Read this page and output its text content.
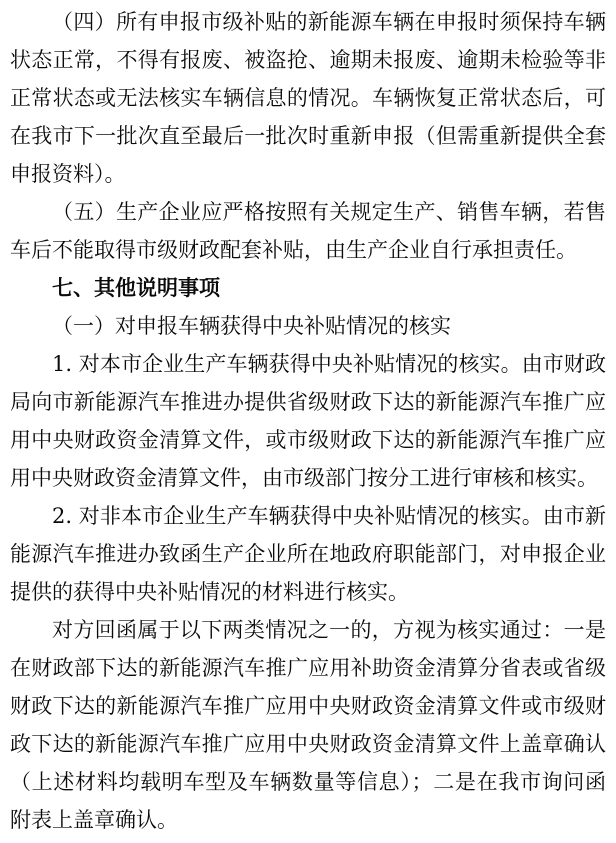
（四）所有申报市级补贴的新能源车辆在申报时须保持车辆状态正常，不得有报废、被盗抢、逾期未报废、逾期未检验等非正常状态或无法核实车辆信息的情况。车辆恢复正常状态后，可在我市下一批次直至最后一批次时重新申报（但需重新提供全套申报资料）。

（五）生产企业应严格按照有关规定生产、销售车辆，若售车后不能取得市级财政配套补贴，由生产企业自行承担责任。

七、其他说明事项

（一）对申报车辆获得中央补贴情况的核实

1. 对本市企业生产车辆获得中央补贴情况的核实。由市财政局向市新能源汽车推进办提供省级财政下达的新能源汽车推广应用中央财政资金清算文件，或市级财政下达的新能源汽车推广应用中央财政资金清算文件，由市级部门按分工进行审核和核实。

2. 对非本市企业生产车辆获得中央补贴情况的核实。由市新能源汽车推进办致函生产企业所在地政府职能部门，对申报企业提供的获得中央补贴情况的材料进行核实。

对方回函属于以下两类情况之一的，方视为核实通过：一是在财政部下达的新能源汽车推广应用补助资金清算分省表或省级财政下达的新能源汽车推广应用中央财政资金清算文件或市级财政下达的新能源汽车推广应用中央财政资金清算文件上盖章确认（上述材料均载明车型及车辆数量等信息）；二是在我市询问函附表上盖章确认。
